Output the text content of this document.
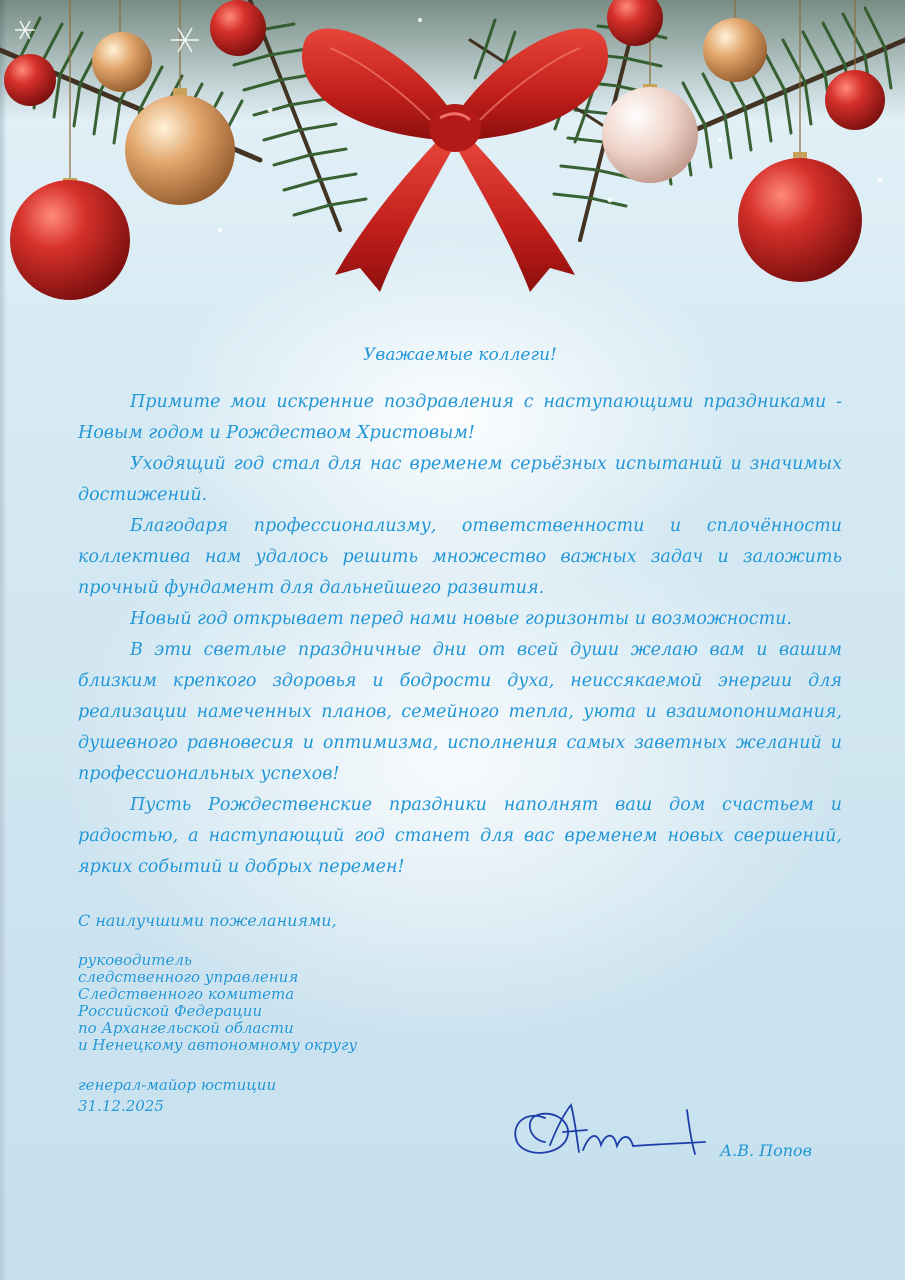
Уважаемые коллеги!

Примите мои искренние поздравления с наступающими праздниками - Новым годом и Рождеством Христовым!

Уходящий год стал для нас временем серьёзных испытаний и значимых достижений.

Благодаря профессионализму, ответственности и сплочённости коллектива нам удалось решить множество важных задач и заложить прочный фундамент для дальнейшего развития.

Новый год открывает перед нами новые горизонты и возможности.

В эти светлые праздничные дни от всей души желаю вам и вашим близким крепкого здоровья и бодрости духа, неиссякаемой энергии для реализации намеченных планов, семейного тепла, уюта и взаимопонимания, душевного равновесия и оптимизма, исполнения самых заветных желаний и профессиональных успехов!

Пусть Рождественские праздники наполнят ваш дом счастьем и радостью, а наступающий год станет для вас временем новых свершений, ярких событий и добрых перемен!

С наилучшими пожеланиями,
руководитель
следственного управления
Следственного комитета
Российской Федерации
по Архангельской области
и Ненецкому автономному округу
генерал-майор юстиции
31.12.2025
А.В. Попов
